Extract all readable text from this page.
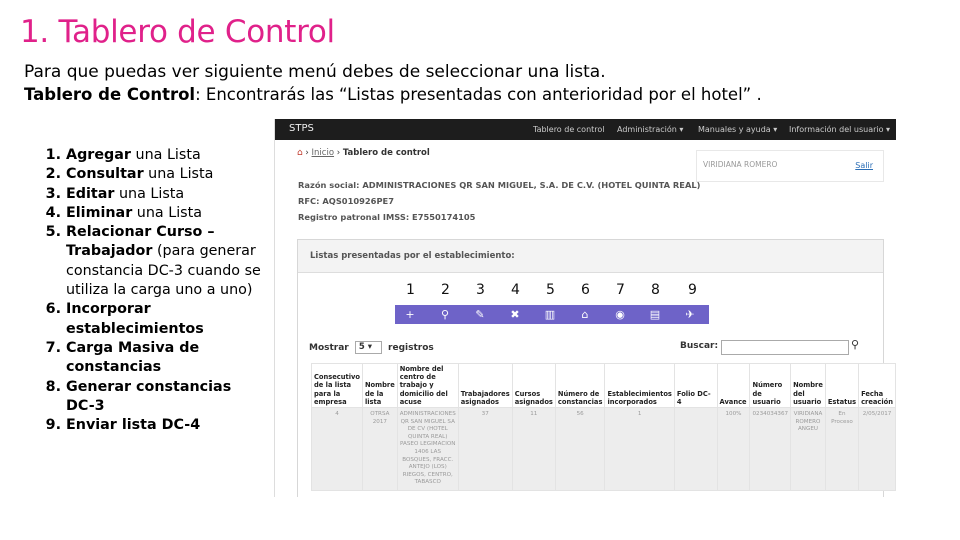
1. Tablero de Control
Para que puedas ver siguiente menú debes de seleccionar una lista.
Tablero de Control: Encontrarás las “Listas presentadas con anterioridad por el hotel” .
1. Agregar una Lista
2. Consultar una Lista
3. Editar una Lista
4. Eliminar una Lista
5. Relacionar Curso – Trabajador (para generar constancia DC-3 cuando se utiliza la carga uno a uno)
6. Incorporar establecimientos
7. Carga Masiva de constancias
8. Generar constancias DC-3
9. Enviar lista DC-4
STPS	Tablero de control Administración ▾ Manuales y ayuda ▾ Información del usuario ▾
⌂ › Inicio › Tablero de control
VIRIDIANA ROMERO	Salir
Razón social: ADMINISTRACIONES QR SAN MIGUEL, S.A. DE C.V. (HOTEL QUINTA REAL)
RFC: AQS010926PE7
Registro patronal IMSS: E7550174105
Listas presentadas por el establecimiento:
1 2 3 4 5 6 7 8 9
+	⚲	✎	✖	▥	⌂	◉	▤	✈
Mostrar 5 ▾ registros	Buscar:	⚲
Consecutivo de la lista para la empresa	Nombre de la lista	Nombre del centro de trabajo y domicilio del acuse	Trabajadores asignados	Cursos asignados	Número de constancias	Establecimientos incorporados	Folio DC-4	Avance	Número de usuario	Nombre del usuario	Estatus	Fecha creación
4	OTRSA 2017	ADMINISTRACIONES QR SAN MIGUEL SA DE CV (HOTEL QUINTA REAL) PASEO LEGIMACION 1406 LAS BOSQUES, FRACC. ANTEJO (LOS) RIEGOS, CENTRO, TABASCO	37	11	56	1		100%	0234034367	VIRIDIANA ROMERO ANGEU	En Proceso	2/05/2017
